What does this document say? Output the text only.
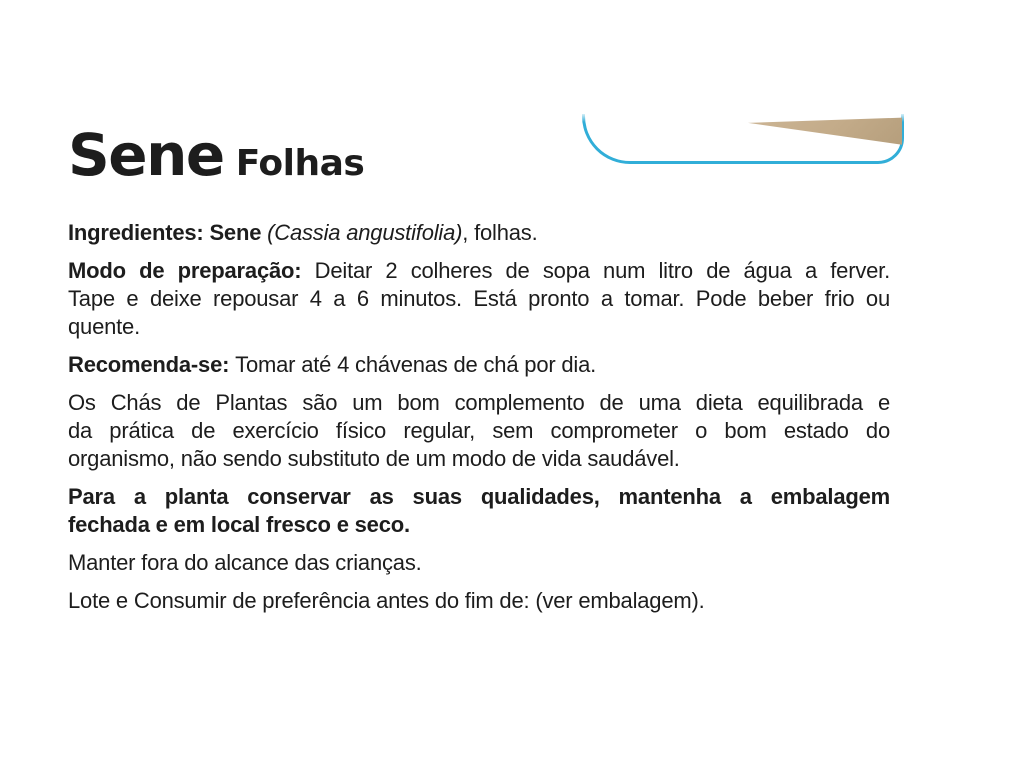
Sene Folhas

Ingredientes: Sene (Cassia angustifolia), folhas.

Modo de preparação: Deitar 2 colheres de sopa num litro de água a ferver.
Tape e deixe repousar 4 a 6 minutos. Está pronto a tomar. Pode beber frio ou
quente.

Recomenda-se: Tomar até 4 chávenas de chá por dia.

Os Chás de Plantas são um bom complemento de uma dieta equilibrada e
da prática de exercício físico regular, sem comprometer o bom estado do
organismo, não sendo substituto de um modo de vida saudável.
Para a planta conservar as suas qualidades, mantenha a embalagem
fechada e em local fresco e seco.

Manter fora do alcance das crianças.

Lote e Consumir de preferência antes do fim de: (ver embalagem).
